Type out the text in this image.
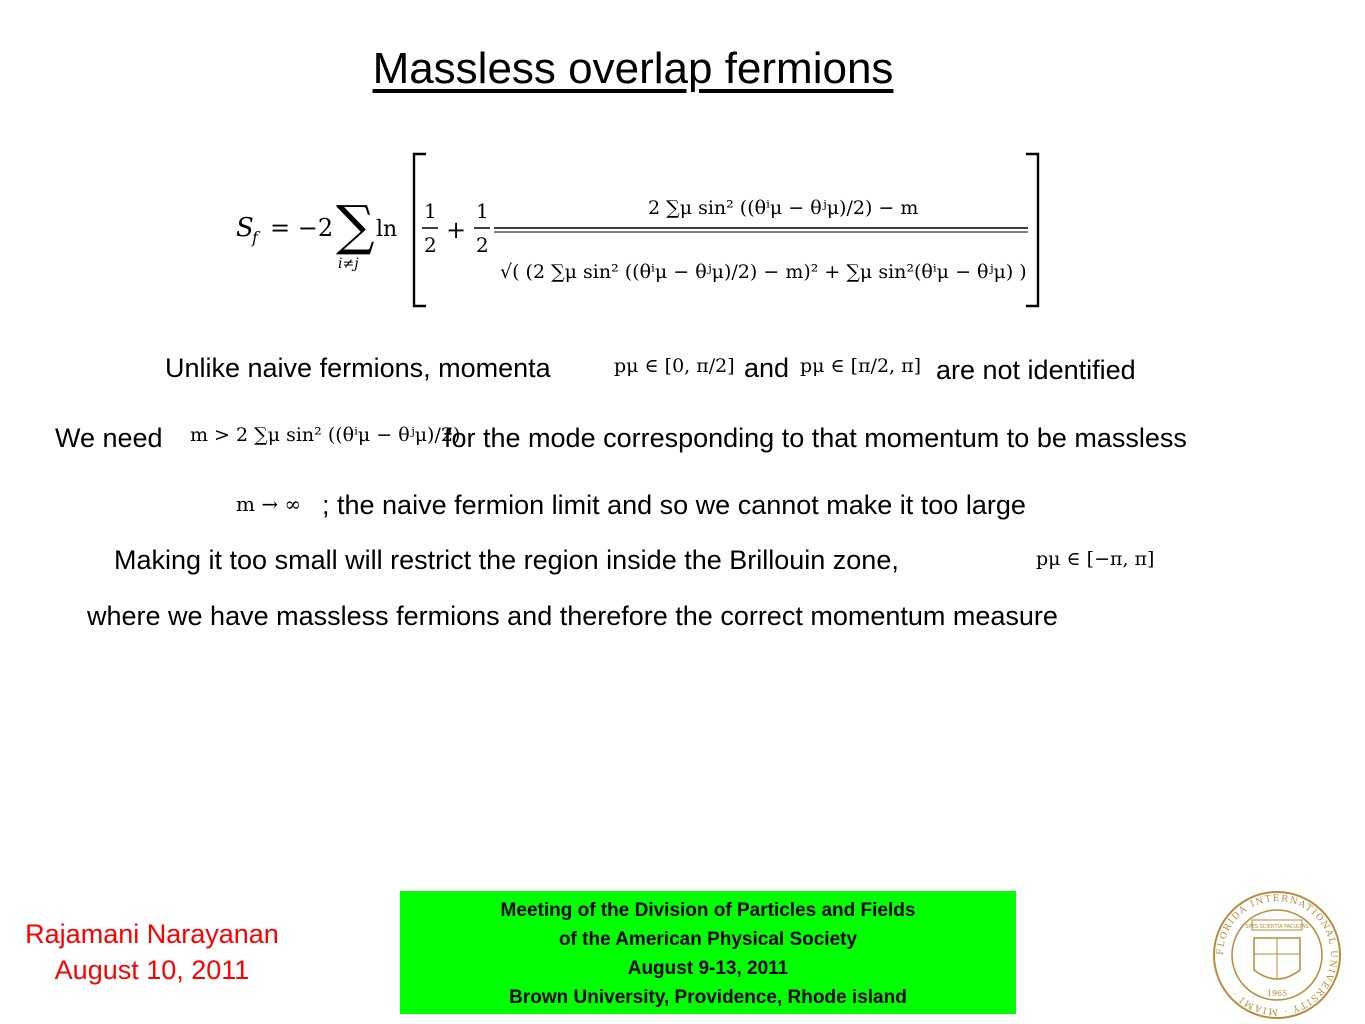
Massless overlap fermions
S
f = −2 ∑
i≠j
ln
1
2
+
1
2
2 ∑μ sin² ((θⁱμ − θʲμ)/2) − m
√( (2 ∑μ sin² ((θⁱμ − θʲμ)/2) − m)² + ∑μ sin²(θⁱμ − θʲμ) )
Unlike naive fermions, momenta	pμ ∈ [0, π/2] and pμ ∈ [π/2, π] are not identified
We need m > 2 ∑μ sin² ((θⁱμ − θʲμ)/2)
for the mode corresponding to that momentum to be massless
m → ∞ ; the naive fermion limit and so we cannot make it too large
Making it too small will restrict the region inside the Brillouin zone,	pμ ∈ [−π, π]
where we have massless fermions and therefore the correct momentum measure
Meeting of the Division of Particles and Fields
of the American Physical Society
August 9-13, 2011
Brown University, Providence, Rhode island
Rajamani Narayanan
August 10, 2011
FLORIDA INTERNATIONAL UNIVERSITY · MIAMI ·
SPES SCIENTIA FACULTAS
1965
